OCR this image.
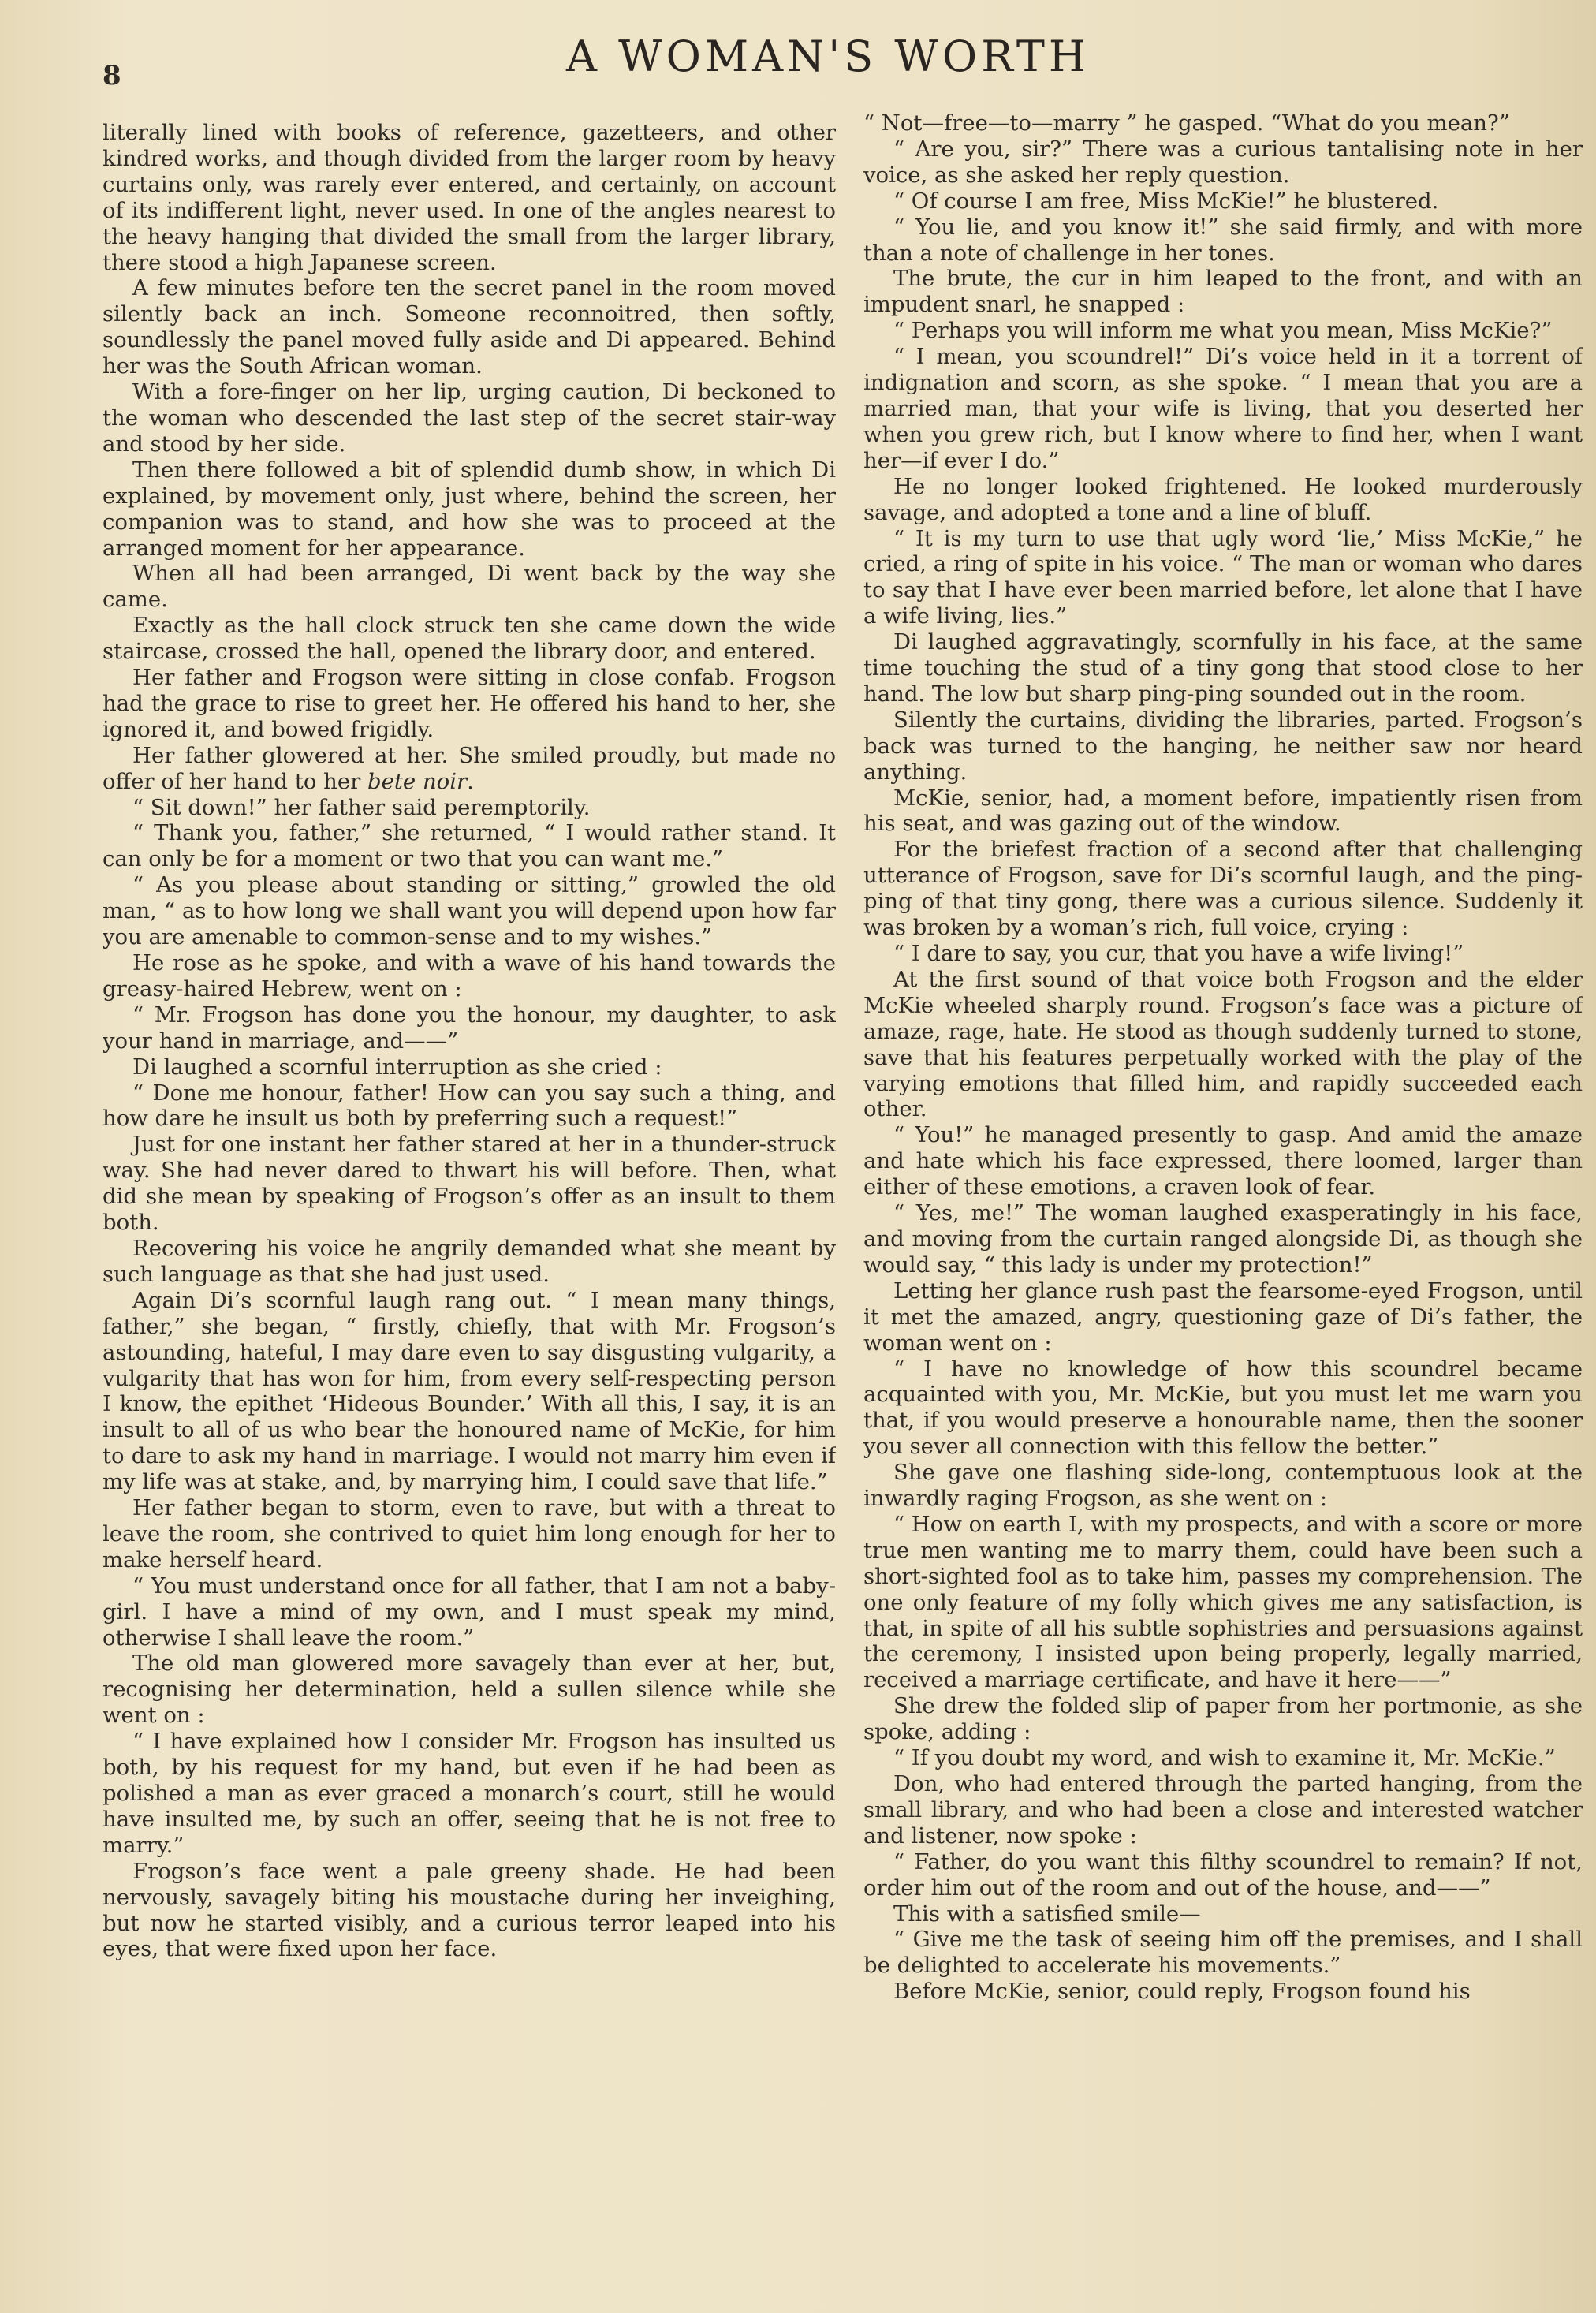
8	A WOMAN'S WORTH

literally lined with books of reference, gazetteers, and other kindred works, and though divided from the larger room by heavy curtains only, was rarely ever entered, and certainly, on account of its indifferent light, never used. In one of the angles nearest to the heavy hanging that divided the small from the larger library, there stood a high Japanese screen.

A few minutes before ten the secret panel in the room moved silently back an inch. Someone reconnoitred, then softly, soundlessly the panel moved fully aside and Di appeared. Behind her was the South African woman.

With a fore-finger on her lip, urging caution, Di beckoned to the woman who descended the last step of the secret stair-way and stood by her side.

Then there followed a bit of splendid dumb show, in which Di explained, by movement only, just where, behind the screen, her companion was to stand, and how she was to proceed at the arranged moment for her appearance.

When all had been arranged, Di went back by the way she came.

Exactly as the hall clock struck ten she came down the wide staircase, crossed the hall, opened the library door, and entered.

Her father and Frogson were sitting in close confab. Frogson had the grace to rise to greet her. He offered his hand to her, she ignored it, and bowed frigidly.

Her father glowered at her. She smiled proudly, but made no offer of her hand to her bete noir.

“ Sit down!” her father said peremptorily.

“ Thank you, father,” she returned, “ I would rather stand. It can only be for a moment or two that you can want me.”

“ As you please about standing or sitting,” growled the old man, “ as to how long we shall want you will depend upon how far you are amenable to common-sense and to my wishes.”

He rose as he spoke, and with a wave of his hand towards the greasy-haired Hebrew, went on :

“ Mr. Frogson has done you the honour, my daughter, to ask your hand in marriage, and——”

Di laughed a scornful interruption as she cried :

“ Done me honour, father! How can you say such a thing, and how dare he insult us both by preferring such a request!”

Just for one instant her father stared at her in a thunder-struck way. She had never dared to thwart his will before. Then, what did she mean by speaking of Frogson’s offer as an insult to them both.

Recovering his voice he angrily demanded what she meant by such language as that she had just used.

Again Di’s scornful laugh rang out. “ I mean many things, father,” she began, “ firstly, chiefly, that with Mr. Frogson’s astounding, hateful, I may dare even to say disgusting vulgarity, a vulgarity that has won for him, from every self-respecting person I know, the epithet ‘Hideous Bounder.’ With all this, I say, it is an insult to all of us who bear the honoured name of McKie, for him to dare to ask my hand in marriage. I would not marry him even if my life was at stake, and, by marrying him, I could save that life.”

Her father began to storm, even to rave, but with a threat to leave the room, she contrived to quiet him long enough for her to make herself heard.

“ You must understand once for all father, that I am not a baby-girl. I have a mind of my own, and I must speak my mind, otherwise I shall leave the room.”

The old man glowered more savagely than ever at her, but, recognising her determination, held a sullen silence while she went on :

“ I have explained how I consider Mr. Frogson has insulted us both, by his request for my hand, but even if he had been as polished a man as ever graced a monarch’s court, still he would have insulted me, by such an offer, seeing that he is not free to marry.”

Frogson’s face went a pale greeny shade. He had been nervously, savagely biting his moustache during her inveighing, but now he started visibly, and a curious terror leaped into his eyes, that were fixed upon her face.

“ Not—free—to—marry ” he gasped. “What do you mean?”

“ Are you, sir?” There was a curious tantalising note in her voice, as she asked her reply question.

“ Of course I am free, Miss McKie!” he blustered.

“ You lie, and you know it!” she said firmly, and with more than a note of challenge in her tones.

The brute, the cur in him leaped to the front, and with an impudent snarl, he snapped :

“ Perhaps you will inform me what you mean, Miss McKie?”

“ I mean, you scoundrel!” Di’s voice held in it a torrent of indignation and scorn, as she spoke. “ I mean that you are a married man, that your wife is living, that you deserted her when you grew rich, but I know where to find her, when I want her—if ever I do.”

He no longer looked frightened. He looked murderously savage, and adopted a tone and a line of bluff.

“ It is my turn to use that ugly word ‘lie,’ Miss McKie,” he cried, a ring of spite in his voice. “ The man or woman who dares to say that I have ever been married before, let alone that I have a wife living, lies.”

Di laughed aggravatingly, scornfully in his face, at the same time touching the stud of a tiny gong that stood close to her hand. The low but sharp ping-ping sounded out in the room.

Silently the curtains, dividing the libraries, parted. Frogson’s back was turned to the hanging, he neither saw nor heard anything.

McKie, senior, had, a moment before, impatiently risen from his seat, and was gazing out of the window.

For the briefest fraction of a second after that challenging utterance of Frogson, save for Di’s scornful laugh, and the ping-ping of that tiny gong, there was a curious silence. Suddenly it was broken by a woman’s rich, full voice, crying :

“ I dare to say, you cur, that you have a wife living!”

At the first sound of that voice both Frogson and the elder McKie wheeled sharply round. Frogson’s face was a picture of amaze, rage, hate. He stood as though suddenly turned to stone, save that his features perpetually worked with the play of the varying emotions that filled him, and rapidly succeeded each other.

“ You!” he managed presently to gasp. And amid the amaze and hate which his face expressed, there loomed, larger than either of these emotions, a craven look of fear.

“ Yes, me!” The woman laughed exasperatingly in his face, and moving from the curtain ranged alongside Di, as though she would say, “ this lady is under my protection!”

Letting her glance rush past the fearsome-eyed Frogson, until it met the amazed, angry, questioning gaze of Di’s father, the woman went on :

“ I have no knowledge of how this scoundrel became acquainted with you, Mr. McKie, but you must let me warn you that, if you would preserve a honourable name, then the sooner you sever all connection with this fellow the better.”

She gave one flashing side-long, contemptuous look at the inwardly raging Frogson, as she went on :

“ How on earth I, with my prospects, and with a score or more true men wanting me to marry them, could have been such a short-sighted fool as to take him, passes my comprehension. The one only feature of my folly which gives me any satisfaction, is that, in spite of all his subtle sophistries and persuasions against the ceremony, I insisted upon being properly, legally married, received a marriage certificate, and have it here——”

She drew the folded slip of paper from her portmonie, as she spoke, adding :

“ If you doubt my word, and wish to examine it, Mr. McKie.”

Don, who had entered through the parted hanging, from the small library, and who had been a close and interested watcher and listener, now spoke :

“ Father, do you want this filthy scoundrel to remain? If not, order him out of the room and out of the house, and——”

This with a satisfied smile—

“ Give me the task of seeing him off the premises, and I shall be delighted to accelerate his movements.”

Before McKie, senior, could reply, Frogson found his
